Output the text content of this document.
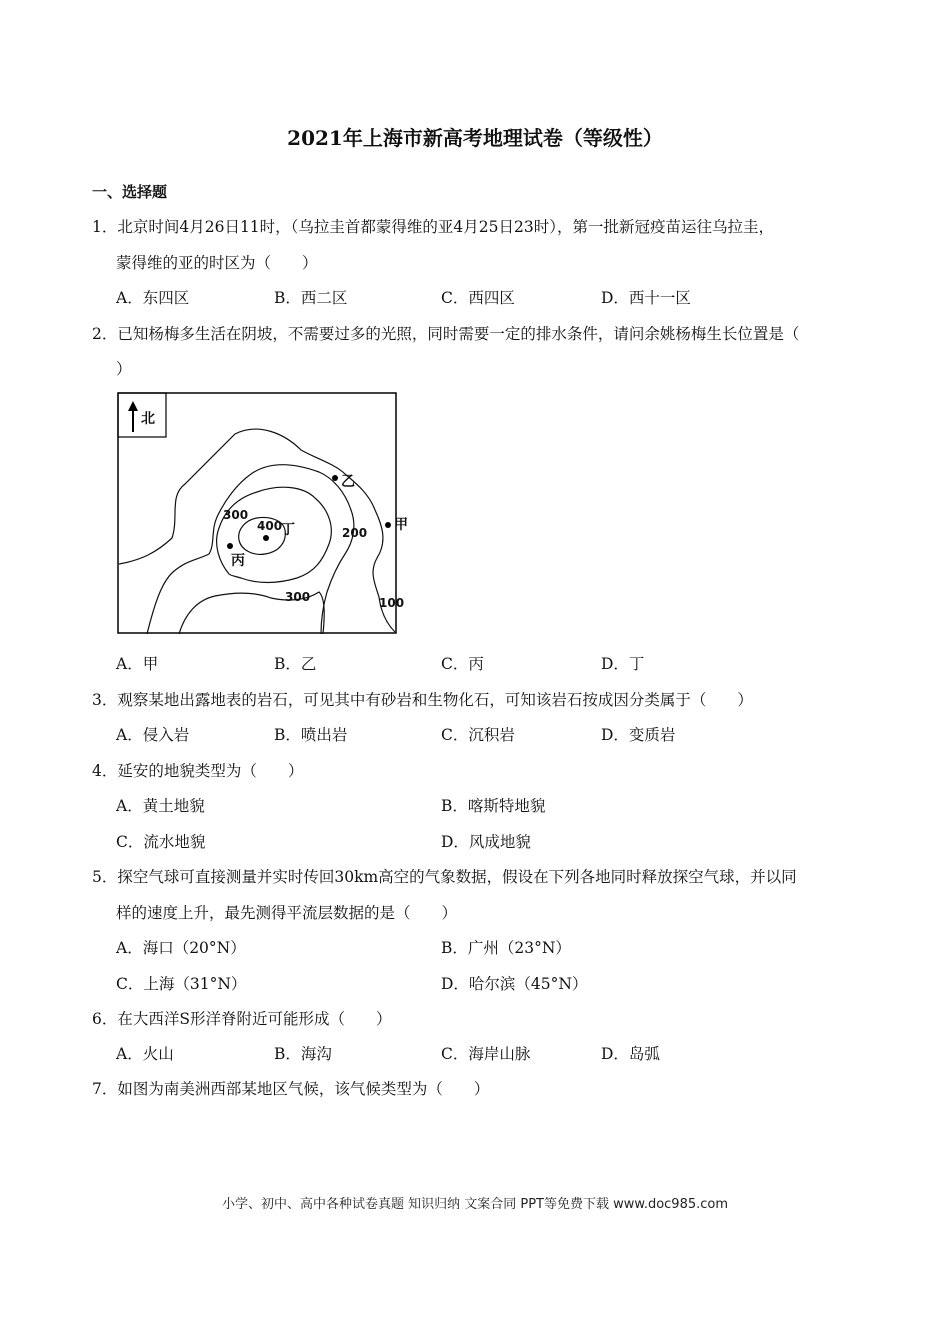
2021年上海市新高考地理试卷（等级性）
一、选择题
1．北京时间4月26日11时，（乌拉圭首都蒙得维的亚4月25日23时），第一批新冠疫苗运往乌拉圭，
蒙得维的亚的时区为（　　）
A．东四区	B．西二区	C．西四区	D．西十一区
2．已知杨梅多生活在阴坡，不需要过多的光照，同时需要一定的排水条件，请问余姚杨梅生长位置是（
）
北
100
200
300
300
400	甲
乙
丙
丁
A．甲	B．乙	C．丙	D．丁
3．观察某地出露地表的岩石，可见其中有砂岩和生物化石，可知该岩石按成因分类属于（　　）
A．侵入岩	B．喷出岩	C．沉积岩	D．变质岩
4．延安的地貌类型为（　　）
A．黄土地貌	B．喀斯特地貌
C．流水地貌	D．风成地貌
5．探空气球可直接测量并实时传回30km高空的气象数据，假设在下列各地同时释放探空气球，并以同
样的速度上升，最先测得平流层数据的是（　　）
A．海口（20°N）	B．广州（23°N）
C．上海（31°N）	D．哈尔滨（45°N）
6．在大西洋S形洋脊附近可能形成（　　）
A．火山	B．海沟	C．海岸山脉	D．岛弧
7．如图为南美洲西部某地区气候，该气候类型为（　　）
小学、初中、高中各种试卷真题 知识归纳 文案合同 PPT等免费下载 www.doc985.com
